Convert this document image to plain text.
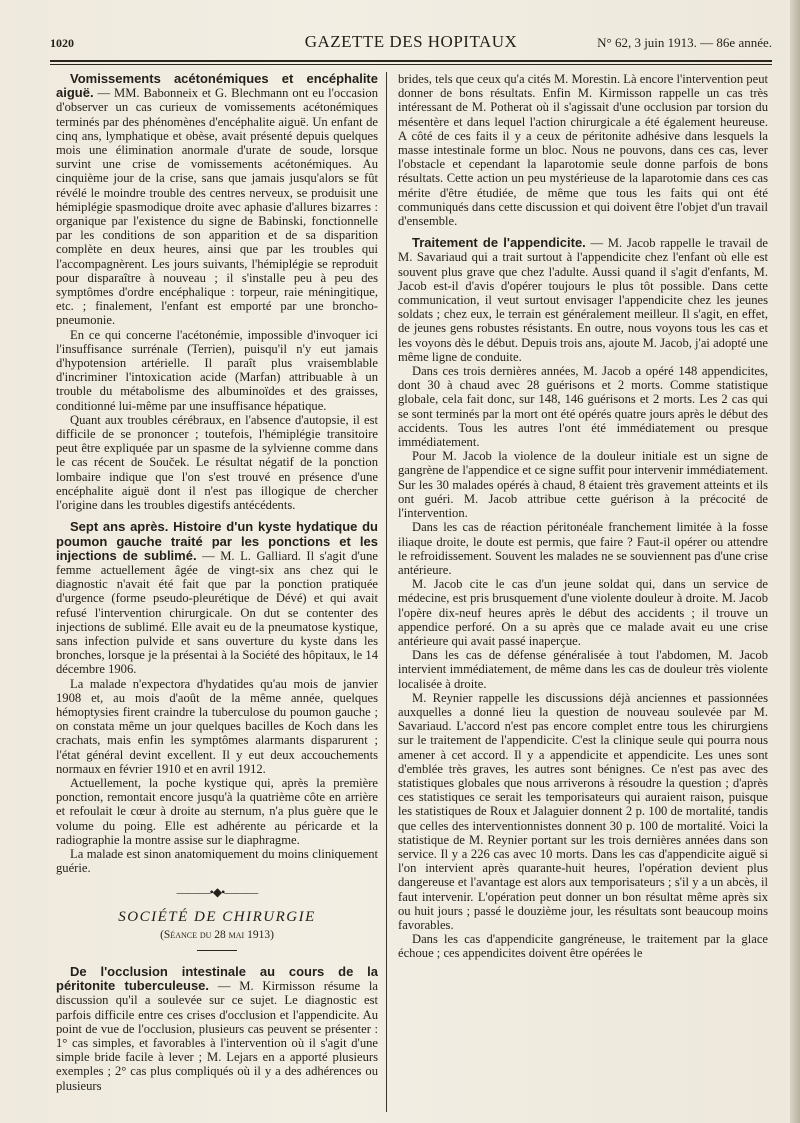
1020	GAZETTE DES HOPITAUX	N° 62, 3 juin 1913. — 86e année.

Vomissements acétonémiques et encéphalite aiguë. — MM. Babonneix et G. Blechmann ont eu l'occasion d'observer un cas curieux de vomissements acétonémiques terminés par des phénomènes d'encéphalite aiguë. Un enfant de cinq ans, lymphatique et obèse, avait présenté depuis quelques mois une élimination anormale d'urate de soude, lorsque survint une crise de vomissements acétonémiques. Au cinquième jour de la crise, sans que jamais jusqu'alors se fût révélé le moindre trouble des centres nerveux, se produisit une hémiplégie spasmodique droite avec aphasie d'allures bizarres : organique par l'existence du signe de Babinski, fonctionnelle par les conditions de son apparition et de sa disparition complète en deux heures, ainsi que par les troubles qui l'accompagnèrent. Les jours suivants, l'hémiplégie se reproduit pour disparaître à nouveau ; il s'installe peu à peu des symptômes d'ordre encéphalique : torpeur, raie méningitique, etc. ; finalement, l'enfant est emporté par une broncho-pneumonie.

En ce qui concerne l'acétonémie, impossible d'invoquer ici l'insuffisance surrénale (Terrien), puisqu'il n'y eut jamais d'hypotension artérielle. Il paraît plus vraisemblable d'incriminer l'intoxication acide (Marfan) attribuable à un trouble du métabolisme des albuminoïdes et des graisses, conditionné lui-même par une insuffisance hépatique.

Quant aux troubles cérébraux, en l'absence d'autopsie, il est difficile de se prononcer ; toutefois, l'hémiplégie transitoire peut être expliquée par un spasme de la sylvienne comme dans le cas récent de Souček. Le résultat négatif de la ponction lombaire indique que l'on s'est trouvé en présence d'une encéphalite aiguë dont il n'est pas illogique de chercher l'origine dans les troubles digestifs antécédents.

Sept ans après. Histoire d'un kyste hydatique du poumon gauche traité par les ponctions et les injections de sublimé. — M. L. Galliard. Il s'agit d'une femme actuellement âgée de vingt-six ans chez qui le diagnostic n'avait été fait que par la ponction pratiquée d'urgence (forme pseudo-pleurétique de Dévé) et qui avait refusé l'intervention chirurgicale. On dut se contenter des injections de sublimé. Elle avait eu de la pneumatose kystique, sans infection pulvide et sans ouverture du kyste dans les bronches, lorsque je la présentai à la Société des hôpitaux, le 14 décembre 1906.

La malade n'expectora d'hydatides qu'au mois de janvier 1908 et, au mois d'août de la même année, quelques hémoptysies firent craindre la tuberculose du poumon gauche ; on constata même un jour quelques bacilles de Koch dans les crachats, mais enfin les symptômes alarmants disparurent ; l'état général devint excellent. Il y eut deux accouchements normaux en février 1910 et en avril 1912.

Actuellement, la poche kystique qui, après la première ponction, remontait encore jusqu'à la quatrième côte en arrière et refoulait le cœur à droite au sternum, n'a plus guère que le volume du poing. Elle est adhérente au péricarde et la radiographie la montre assise sur le diaphragme.

La malade est sinon anatomiquement du moins cliniquement guérie.

———•◆•———
SOCIÉTÉ DE CHIRURGIE
(Séance du 28 mai 1913)

De l'occlusion intestinale au cours de la péritonite tuberculeuse. — M. Kirmisson résume la discussion qu'il a soulevée sur ce sujet. Le diagnostic est parfois difficile entre ces crises d'occlusion et l'appendicite. Au point de vue de l'occlusion, plusieurs cas peuvent se présenter : 1° cas simples, et favorables à l'intervention où il s'agit d'une simple bride facile à lever ; M. Lejars en a apporté plusieurs exemples ; 2° cas plus compliqués où il y a des adhérences ou plusieurs

brides, tels que ceux qu'a cités M. Morestin. Là encore l'intervention peut donner de bons résultats. Enfin M. Kirmisson rappelle un cas très intéressant de M. Potherat où il s'agissait d'une occlusion par torsion du mésentère et dans lequel l'action chirurgicale a été également heureuse. A côté de ces faits il y a ceux de péritonite adhésive dans lesquels la masse intestinale forme un bloc. Nous ne pouvons, dans ces cas, lever l'obstacle et cependant la laparotomie seule donne parfois de bons résultats. Cette action un peu mystérieuse de la laparotomie dans ces cas mérite d'être étudiée, de même que tous les faits qui ont été communiqués dans cette discussion et qui doivent être l'objet d'un travail d'ensemble.

Traitement de l'appendicite. — M. Jacob rappelle le travail de M. Savariaud qui a trait surtout à l'appendicite chez l'enfant où elle est souvent plus grave que chez l'adulte. Aussi quand il s'agit d'enfants, M. Jacob est-il d'avis d'opérer toujours le plus tôt possible. Dans cette communication, il veut surtout envisager l'appendicite chez les jeunes soldats ; chez eux, le terrain est généralement meilleur. Il s'agit, en effet, de jeunes gens robustes résistants. En outre, nous voyons tous les cas et les voyons dès le début. Depuis trois ans, ajoute M. Jacob, j'ai adopté une même ligne de conduite.

Dans ces trois dernières années, M. Jacob a opéré 148 appendicites, dont 30 à chaud avec 28 guérisons et 2 morts. Comme statistique globale, cela fait donc, sur 148, 146 guérisons et 2 morts. Les 2 cas qui se sont terminés par la mort ont été opérés quatre jours après le début des accidents. Tous les autres l'ont été immédiatement ou presque immédiatement.

Pour M. Jacob la violence de la douleur initiale est un signe de gangrène de l'appendice et ce signe suffit pour intervenir immédiatement. Sur les 30 malades opérés à chaud, 8 étaient très gravement atteints et ils ont guéri. M. Jacob attribue cette guérison à la précocité de l'intervention.

Dans les cas de réaction péritonéale franchement limitée à la fosse iliaque droite, le doute est permis, que faire ? Faut-il opérer ou attendre le refroidissement. Souvent les malades ne se souviennent pas d'une crise antérieure.

M. Jacob cite le cas d'un jeune soldat qui, dans un service de médecine, est pris brusquement d'une violente douleur à droite. M. Jacob l'opère dix-neuf heures après le début des accidents ; il trouve un appendice perforé. On a su après que ce malade avait eu une crise antérieure qui avait passé inaperçue.

Dans les cas de défense généralisée à tout l'abdomen, M. Jacob intervient immédiatement, de même dans les cas de douleur très violente localisée à droite.

M. Reynier rappelle les discussions déjà anciennes et passionnées auxquelles a donné lieu la question de nouveau soulevée par M. Savariaud. L'accord n'est pas encore complet entre tous les chirurgiens sur le traitement de l'appendicite. C'est la clinique seule qui pourra nous amener à cet accord. Il y a appendicite et appendicite. Les unes sont d'emblée très graves, les autres sont bénignes. Ce n'est pas avec des statistiques globales que nous arriverons à résoudre la question ; d'après ces statistiques ce serait les temporisateurs qui auraient raison, puisque les statistiques de Roux et Jalaguier donnent 2 p. 100 de mortalité, tandis que celles des interventionnistes donnent 30 p. 100 de mortalité. Voici la statistique de M. Reynier portant sur les trois dernières années dans son service. Il y a 226 cas avec 10 morts. Dans les cas d'appendicite aiguë si l'on intervient après quarante-huit heures, l'opération devient plus dangereuse et l'avantage est alors aux temporisateurs ; s'il y a un abcès, il faut intervenir. L'opération peut donner un bon résultat même après six ou huit jours ; passé le douzième jour, les résultats sont beaucoup moins favorables.

Dans les cas d'appendicite gangréneuse, le traitement par la glace échoue ; ces appendicites doivent être opérées le
